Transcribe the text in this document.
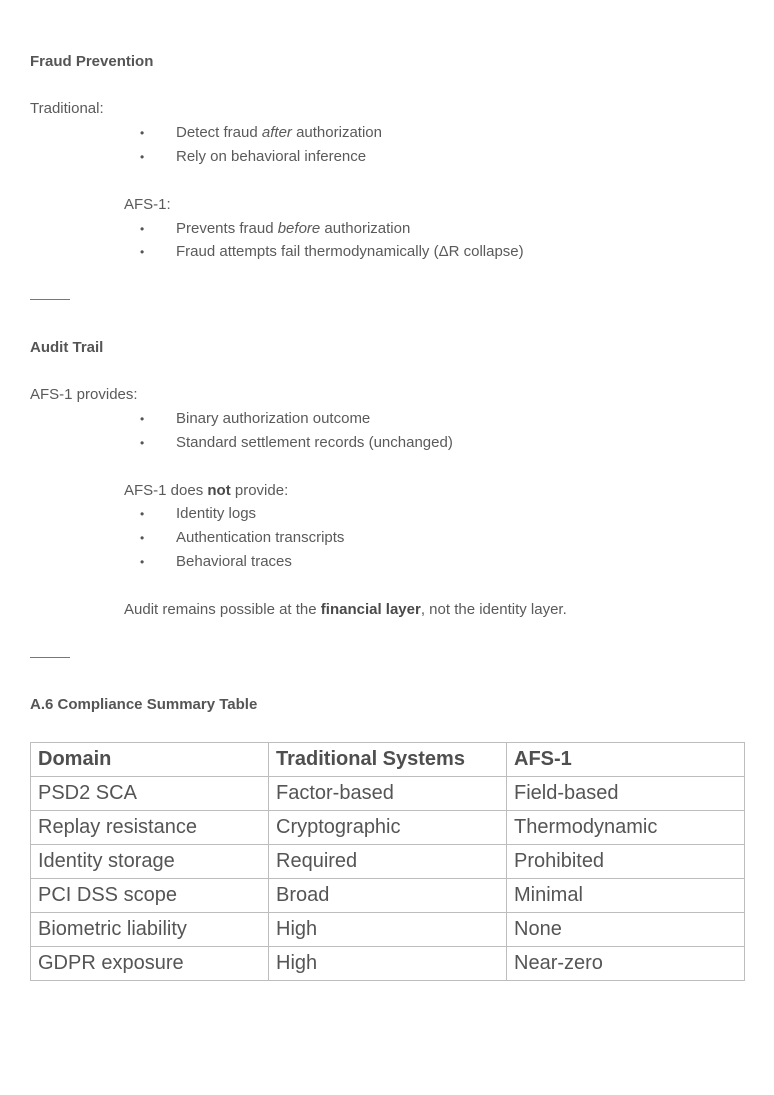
Fraud Prevention
Traditional:
• Detect fraud after authorization
• Rely on behavioral inference
AFS-1:
• Prevents fraud before authorization
• Fraud attempts fail thermodynamically (ΔR collapse)
Audit Trail
AFS-1 provides:
• Binary authorization outcome
• Standard settlement records (unchanged)
AFS-1 does not provide:
• Identity logs
• Authentication transcripts
• Behavioral traces
Audit remains possible at the financial layer, not the identity layer.
A.6 Compliance Summary Table
Domain	Traditional Systems	AFS-1
PSD2 SCA	Factor-based	Field-based
Replay resistance	Cryptographic	Thermodynamic
Identity storage	Required	Prohibited
PCI DSS scope	Broad	Minimal
Biometric liability	High	None
GDPR exposure	High	Near-zero
